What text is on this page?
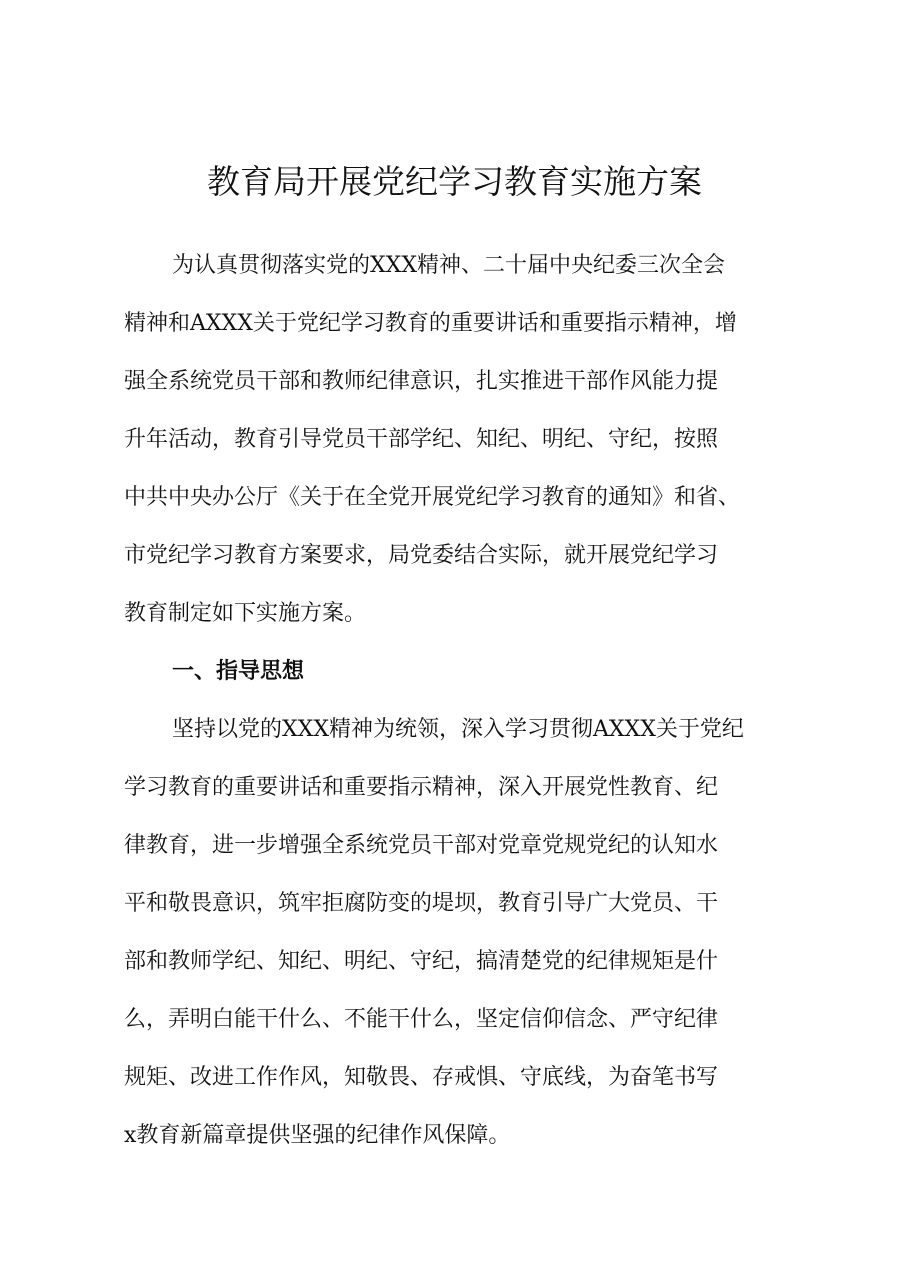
教育局开展党纪学习教育实施方案
为认真贯彻落实党的XXX精神、二十届中央纪委三次全会
精神和AXXX关于党纪学习教育的重要讲话和重要指示精神，增
强全系统党员干部和教师纪律意识，扎实推进干部作风能力提
升年活动，教育引导党员干部学纪、知纪、明纪、守纪，按照
中共中央办公厅《关于在全党开展党纪学习教育的通知》和省、
市党纪学习教育方案要求，局党委结合实际，就开展党纪学习
教育制定如下实施方案。
一、指导思想
坚持以党的XXX精神为统领，深入学习贯彻AXXX关于党纪
学习教育的重要讲话和重要指示精神，深入开展党性教育、纪
律教育，进一步增强全系统党员干部对党章党规党纪的认知水
平和敬畏意识，筑牢拒腐防变的堤坝，教育引导广大党员、干
部和教师学纪、知纪、明纪、守纪，搞清楚党的纪律规矩是什
么，弄明白能干什么、不能干什么，坚定信仰信念、严守纪律
规矩、改进工作作风，知敬畏、存戒惧、守底线，为奋笔书写
x教育新篇章提供坚强的纪律作风保障。
